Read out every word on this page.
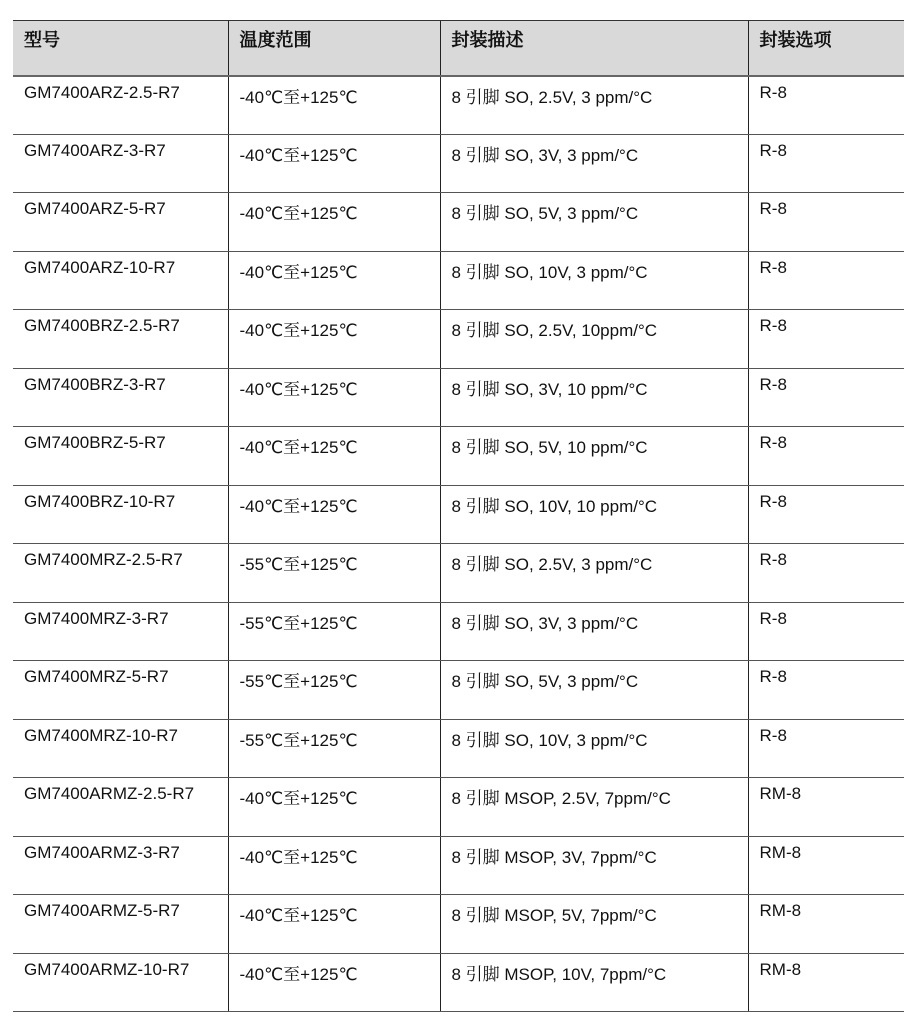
型号	温度范围	封装描述	封装选项
GM7400ARZ-2.5-R7	-40℃至+125℃	8 引脚 SO, 2.5V, 3 ppm/°C	R-8
GM7400ARZ-3-R7	-40℃至+125℃	8 引脚 SO, 3V, 3 ppm/°C	R-8
GM7400ARZ-5-R7	-40℃至+125℃	8 引脚 SO, 5V, 3 ppm/°C	R-8
GM7400ARZ-10-R7	-40℃至+125℃	8 引脚 SO, 10V, 3 ppm/°C	R-8
GM7400BRZ-2.5-R7	-40℃至+125℃	8 引脚 SO, 2.5V, 10ppm/°C	R-8
GM7400BRZ-3-R7	-40℃至+125℃	8 引脚 SO, 3V, 10 ppm/°C	R-8
GM7400BRZ-5-R7	-40℃至+125℃	8 引脚 SO, 5V, 10 ppm/°C	R-8
GM7400BRZ-10-R7	-40℃至+125℃	8 引脚 SO, 10V, 10 ppm/°C	R-8
GM7400MRZ-2.5-R7	-55℃至+125℃	8 引脚 SO, 2.5V, 3 ppm/°C	R-8
GM7400MRZ-3-R7	-55℃至+125℃	8 引脚 SO, 3V, 3 ppm/°C	R-8
GM7400MRZ-5-R7	-55℃至+125℃	8 引脚 SO, 5V, 3 ppm/°C	R-8
GM7400MRZ-10-R7	-55℃至+125℃	8 引脚 SO, 10V, 3 ppm/°C	R-8
GM7400ARMZ-2.5-R7	-40℃至+125℃	8 引脚 MSOP, 2.5V, 7ppm/°C	RM-8
GM7400ARMZ-3-R7	-40℃至+125℃	8 引脚 MSOP, 3V, 7ppm/°C	RM-8
GM7400ARMZ-5-R7	-40℃至+125℃	8 引脚 MSOP, 5V, 7ppm/°C	RM-8
GM7400ARMZ-10-R7	-40℃至+125℃	8 引脚 MSOP, 10V, 7ppm/°C	RM-8
